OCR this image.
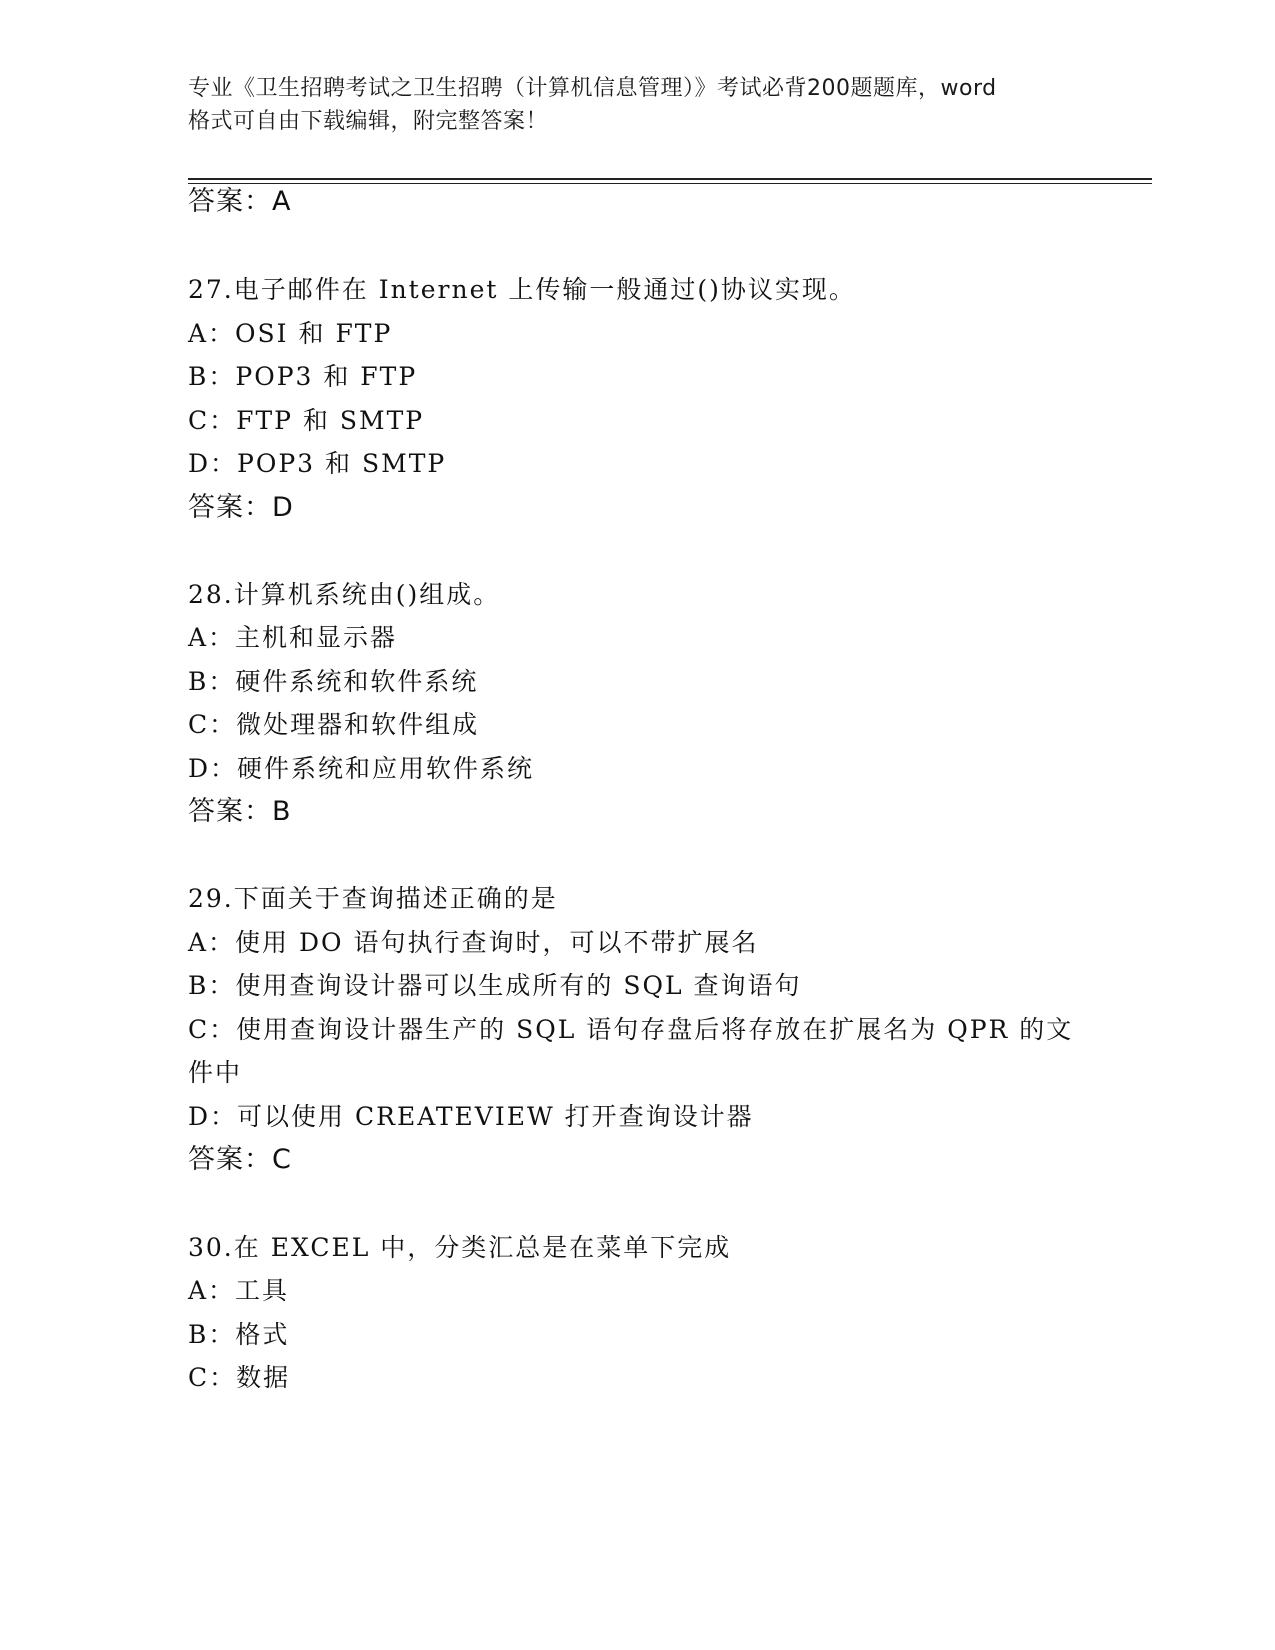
专业《卫生招聘考试之卫生招聘（计算机信息管理）》考试必背200题题库，word
格式可自由下载编辑，附完整答案！
答案：A
27.电子邮件在 Internet 上传输一般通过()协议实现。
A：OSI 和 FTP
B：POP3 和 FTP
C：FTP 和 SMTP
D：POP3 和 SMTP
答案：D
28.计算机系统由()组成。
A：主机和显示器
B：硬件系统和软件系统
C：微处理器和软件组成
D：硬件系统和应用软件系统
答案：B
29.下面关于查询描述正确的是
A：使用 DO 语句执行查询时，可以不带扩展名
B：使用查询设计器可以生成所有的 SQL 查询语句
C：使用查询设计器生产的 SQL 语句存盘后将存放在扩展名为 QPR 的文
件中
D：可以使用 CREATEVIEW 打开查询设计器
答案：C
30.在 EXCEL 中，分类汇总是在菜单下完成
A：工具
B：格式
C：数据
